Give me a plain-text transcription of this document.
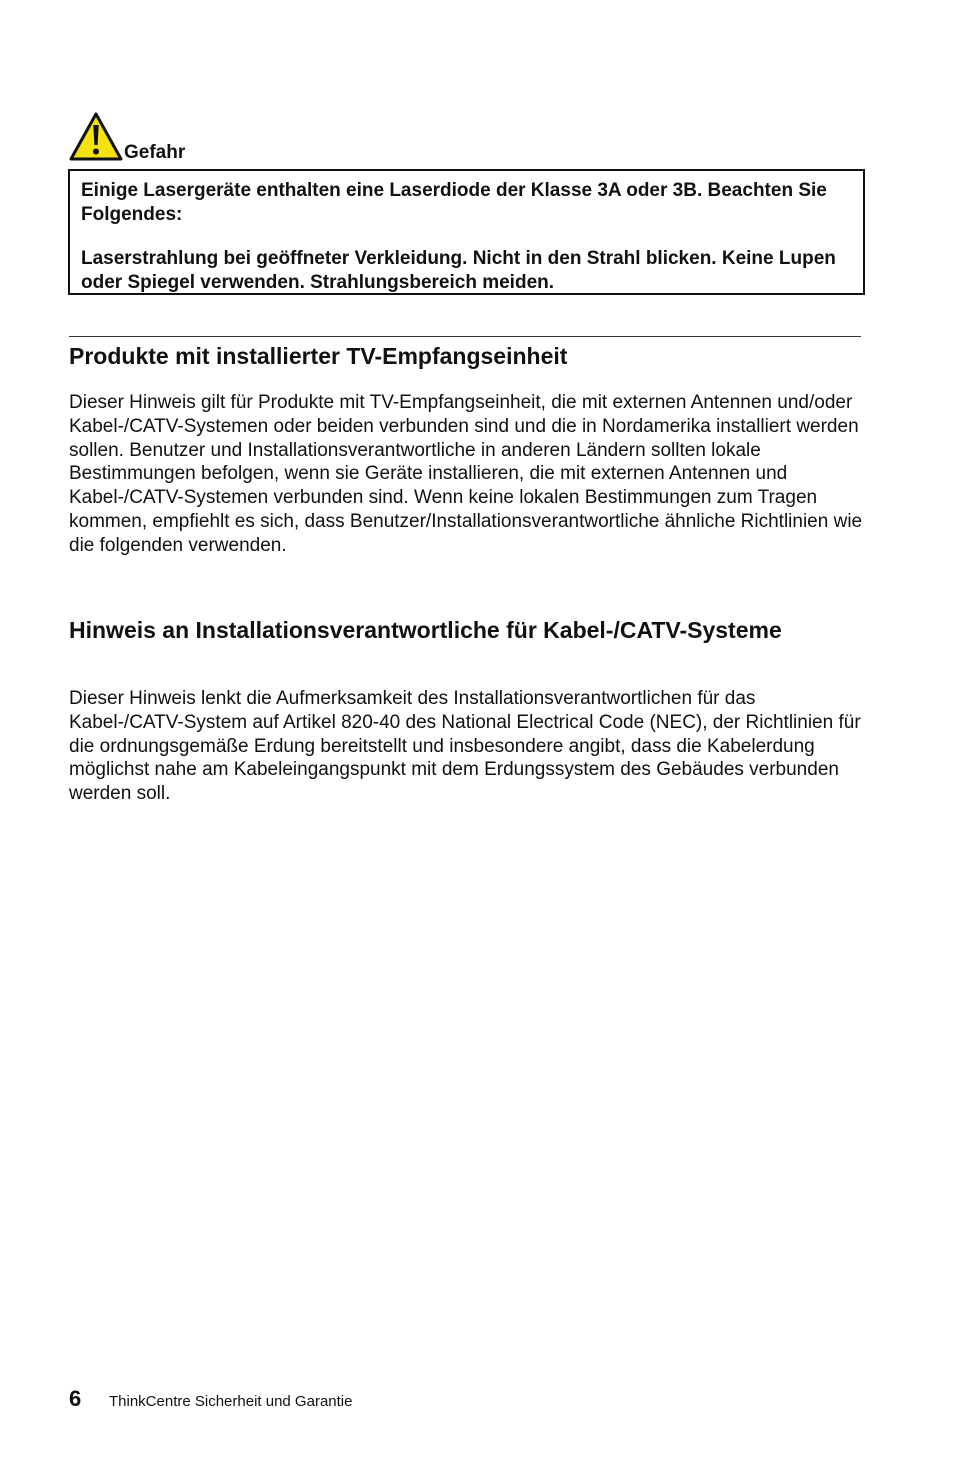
Gefahr

Einige Lasergeräte enthalten eine Laserdiode der Klasse 3A oder 3B. Beachten Sie Folgendes:

Laserstrahlung bei geöffneter Verkleidung. Nicht in den Strahl blicken. Keine Lupen oder Spiegel verwenden. Strahlungsbereich meiden.

Produkte mit installierter TV-Empfangseinheit

Dieser Hinweis gilt für Produkte mit TV-Empfangseinheit, die mit externen Antennen und/oder Kabel-/CATV-Systemen oder beiden verbunden sind und die in Nordamerika installiert werden sollen. Benutzer und Installationsverantwortliche in anderen Ländern sollten lokale Bestimmungen befolgen, wenn sie Geräte installieren, die mit externen Antennen und Kabel-/CATV-Systemen verbunden sind. Wenn keine lokalen Bestimmungen zum Tragen kommen, empfiehlt es sich, dass Benutzer/Installationsverantwortliche ähnliche Richtlinien wie die folgenden verwenden.

Hinweis an Installationsverantwortliche für Kabel-/CATV-Systeme

Dieser Hinweis lenkt die Aufmerksamkeit des Installationsverantwortlichen für das Kabel-/CATV-System auf Artikel 820-40 des National Electrical Code (NEC), der Richtlinien für die ordnungsgemäße Erdung bereitstellt und insbesondere angibt, dass die Kabelerdung möglichst nahe am Kabeleingangspunkt mit dem Erdungssystem des Gebäudes verbunden werden soll.

6	ThinkCentre Sicherheit und Garantie
